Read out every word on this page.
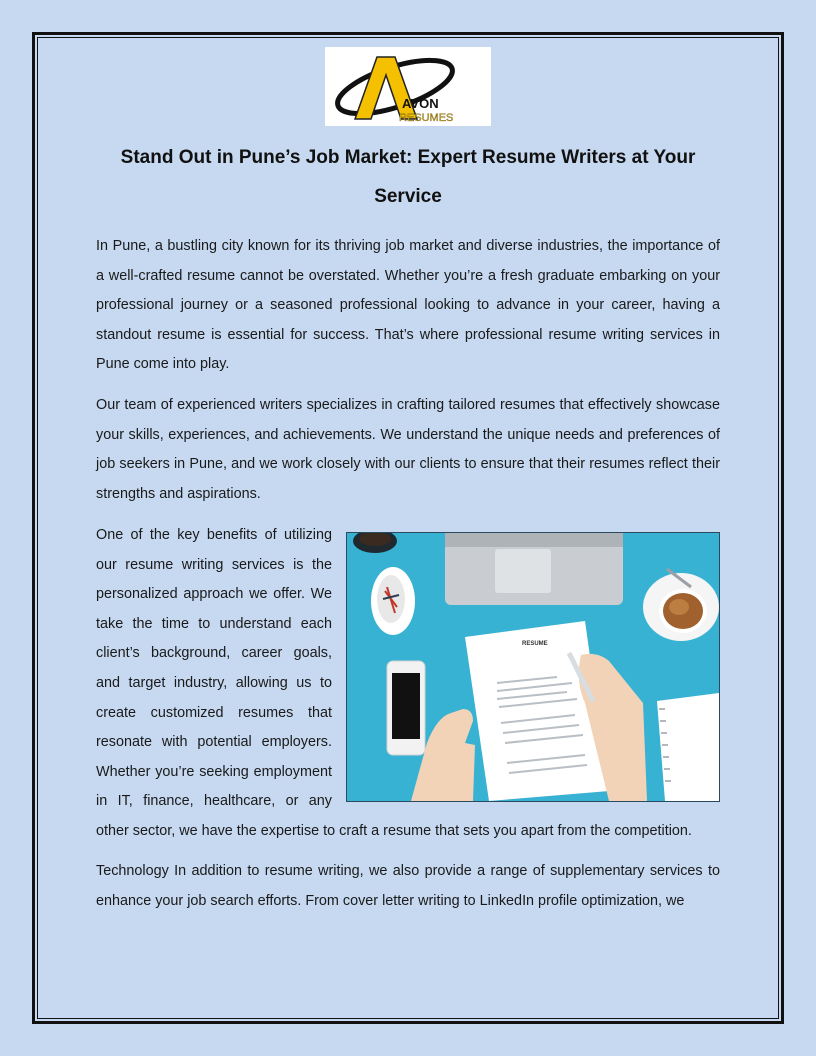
AVON
RESUMES
Stand Out in Pune’s Job Market: Expert Resume Writers at Your Service

In Pune, a bustling city known for its thriving job market and diverse industries, the importance of a well-crafted resume cannot be overstated. Whether you’re a fresh graduate embarking on your professional journey or a seasoned professional looking to advance in your career, having a standout resume is essential for success. That’s where professional resume writing services in Pune come into play.

Our team of experienced writers specializes in crafting tailored resumes that effectively showcase your skills, experiences, and achievements. We understand the unique needs and preferences of job seekers in Pune, and we work closely with our clients to ensure that their resumes reflect their strengths and aspirations.

RESUME
One of the key benefits of utilizing our resume writing services is the personalized approach we offer. We take the time to understand each client’s background, career goals, and target industry, allowing us to create customized resumes that resonate with potential employers. Whether you’re seeking employment in IT, finance, healthcare, or any other sector, we have the expertise to craft a resume that sets you apart from the competition.

Technology In addition to resume writing, we also provide a range of supplementary services to enhance your job search efforts. From cover letter writing to LinkedIn profile optimization, we
